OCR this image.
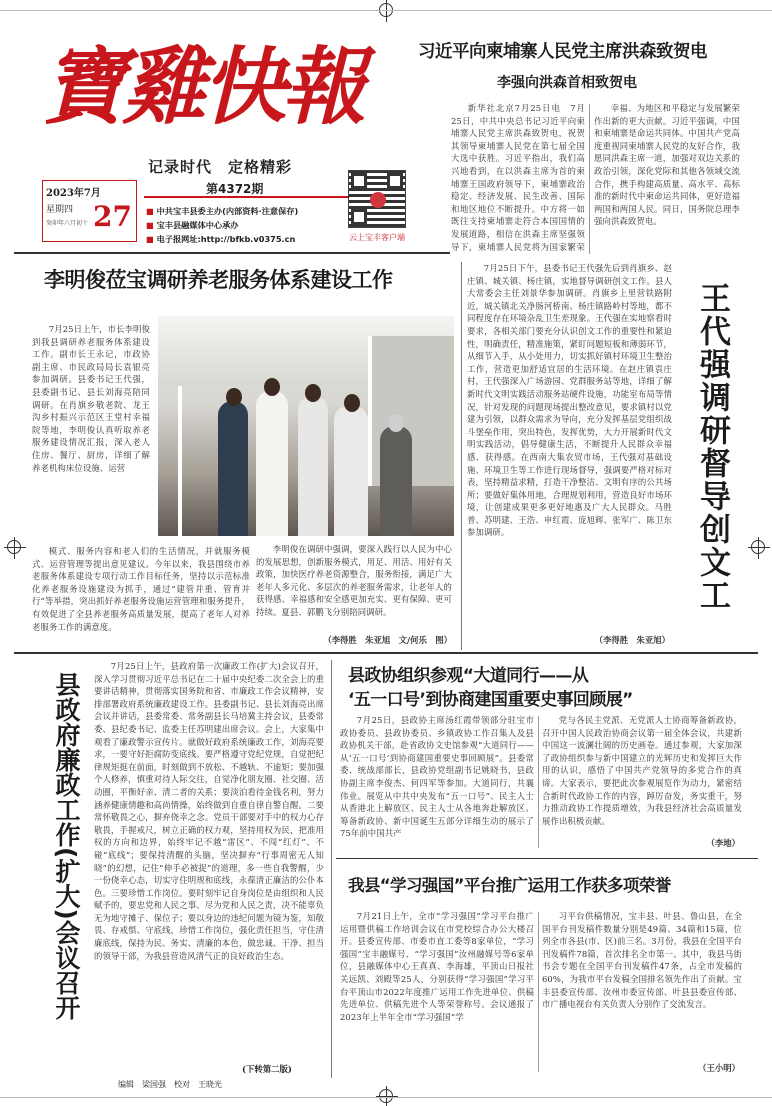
寶雞快報
记录时代　定格精彩
2023年7月
星期四
癸卯年六月初十 27
第4372期
■ 中共宝丰县委主办(内部资料·注意保存)
■ 宝丰县融媒体中心承办
■ 电子报网址:http://bfkb.v0375.cn	云上宝丰客户端
习近平向柬埔寨人民党主席洪森致贺电
李强向洪森首相致贺电

新华社北京7月25日电　7月25日，中共中央总书记习近平向柬埔寨人民党主席洪森致贺电，祝贺其领导柬埔寨人民党在第七届全国大选中获胜。习近平指出，我们高兴地看到，在以洪森主席为首的柬埔寨王国政府领导下，柬埔寨政治稳定、经济发展、民生改善、国际和地区地位不断提升。中方将一如既往支持柬埔寨走符合本国国情的发展道路，相信在洪森主席坚强领导下，柬埔寨人民党将为国家繁荣

幸福、为地区和平稳定与发展繁荣作出新的更大贡献。习近平强调，中国和柬埔寨是命运共同体。中国共产党高度重视同柬埔寨人民党的友好合作，我愿同洪森主席一道，加强对双边关系的政治引领，深化党际和其他各领域交流合作，携手构建高质量、高水平、高标准的新时代中柬命运共同体，更好造福两国和两国人民。同日，国务院总理李强向洪森致贺电。

李明俊莅宝调研养老服务体系建设工作

7月25日上午，市长李明俊到我县调研养老服务体系建设工作。副市长王永记，市政协副主席、市民政局局长袁银亮参加调研。县委书记王代强，县委副书记、县长刘海亮陪同调研。在肖旗乡敬老院、龙王沟乡村振兴示范区王堂村幸福院等地，李明俊认真听取养老服务建设情况汇报，深入老人住房、餐厅、厨房，详细了解养老机构床位设施、运营

模式、服务内容和老人们的生活情况，并就服务模式、运营管理等提出意见建议。今年以来，我县围绕市养老服务体系建设专项行动工作目标任务，坚持以示范标准化养老服务设施建设为抓手，通过“建管并重、管育并行”等举措，突出抓好养老服务设施运营管理和服务提升，有效促进了全县养老服务高质量发展，提高了老年人对养老服务工作的满意度。

李明俊在调研中强调，要深入践行以人民为中心的发展思想，创新服务模式，用足、用活、用好有关政策，加快医疗养老资源整合，服务衔接，满足广大老年人多元化、多层次的养老服务需求，让老年人的获得感、幸福感和安全感更加充实、更有保障、更可持续。夏县、郭鹏飞分别陪同调研。

（李得胜　朱亚旭　文/何乐　图）

7月25日下午，县委书记王代强先后到肖旗乡、赵庄镇、城关镇、杨庄镇，实地督导调研创文工作。县人大常委会主任刘景华参加调研。肖旗乡上里营铁路附近，城关镇北关净肠河桥南、杨庄镇路岭村等地，都不同程度存在环境杂乱卫生差现象。王代强在实地察看时要求，各相关部门要充分认识创文工作的重要性和紧迫性，明确责任，精准施策，紧盯问题短板和薄弱环节，从细节入手，从小处用力，切实抓好镇村环境卫生整治工作，营造更加舒适宜居的生活环境。在赵庄镇袁庄村，王代强深入广场游园、党群服务站等地，详细了解新时代文明实践活动服务站硬件设施，功能室布局等情况，针对发现的问题现场提出整改意见，要求镇村以党建为引领，以群众需求为导向，充分发挥基层党组织战斗堡垒作用，突出特色，发挥优势，大力开展新时代文明实践活动，倡导健康生活，不断提升人民群众幸福感、获得感。在西南大集农贸市场，王代强对基础设施、环境卫生等工作进行现场督导，强调要严格对标对表，坚持精益求精，打造干净整洁、文明有序的公共场所；要做好集体用地，合理规划利用，营造良好市场环境，让创建成果更多更好地惠及广大人民群众。马胜普、苏明建、王浩、申红霞、庞旭辉、张军广、陈卫东参加调研。

王代强调研督导创文工
（李得胜　朱亚旭）
县政府廉政工作(扩大)会议召开

7月25日上午，县政府第一次廉政工作(扩大)会议召开，深入学习贯彻习近平总书记在二十届中央纪委二次全会上的重要讲话精神，贯彻落实国务院和省、市廉政工作会议精神，安排部署政府系统廉政建设工作。县委副书记、县长刘海亮出席会议并讲话，县委常委、常务副县长马培冀主持会议，县委常委、县纪委书记、监委主任苏明建出席会议。会上，大家集中观看了廉政警示宣传片。就做好政府系统廉政工作，刘海亮要求，一要守好拒腐防变底线。要严格遵守党纪党规，自觉把纪律规矩挺在前面，时刻做到不放松、不越轨、不逾矩；要加强个人修养，慎重对待人际交往，自觉净化朋友圈、社交圈、活动圈，平衡好亲、清二者的关系；要淡泊看待金钱名利，努力涵养健康情趣和高尚情操，始终做到自重自律自警自醒。二要常怀敬畏之心，摒弃侥幸之念。党员干部要对手中的权力心存敬畏，手握戒尺，树立正确的权力观，坚持用权为民，把准用权的方向和边界，始终牢记不越“雷区”、不闯“红灯”、不碰“底线”；要保持清醒的头脑，坚决摒弃“行事周密无人知晓”的幻想，记住“伸手必被捉”的道理，多一些自我警醒，少一份侥幸心态，切实守住明规和底线，永葆清正廉洁的公仆本色。三要珍惜工作岗位。要时刻牢记自身岗位是由组织和人民赋予的，要忠党和人民之事、尽为党和人民之责，决不能辜负无为地守摊子、保位子；要以身边的违纪问题为镜为鉴，知敬畏、存戒惧、守底线，珍惜工作岗位，强化责任担当，守住清廉底线，保持为民、务实、清廉的本色，做忠诚、干净、担当的领导干部，为我县营造风清气正的良好政治生态。

(下转第二版)
编辑　梁国强　校对　王晓光
县政协组织参观“大道同行——从
‘五一口号’到协商建国重要史事回顾展”

7月25日，县政协主席汤红霞带领部分驻宝市政协委员、县政协委员、乡镇政协工作召集人及县政协机关干部，赴省政协文史馆参观“大道同行——从‘五一口号’到协商建国重要史事回顾展”。县委常委、统战部部长，县政协党组副书记姚晓书，县政协副主席李俊杰、何四军等参加。大道同行，共襄伟业。展览从中共中央发布“五一口号”、民主人士从香港北上解放区、民主人士从各地奔赴解放区、筹备新政协、新中国诞生五部分详细生动的展示了75年前中国共产

党与各民主党派、无党派人士协商筹备新政协，召开中国人民政治协商会议第一届全体会议，共建新中国这一波澜壮阔的历史画卷。通过参观，大家加深了政协组织参与新中国建立的光辉历史和发挥巨大作用的认识，感悟了中国共产党领导的多党合作的真谛。大家表示，要把此次参观展览作为动力，紧密结合新时代政协工作的内容，踔厉奋发，务实重干，努力推动政协工作提质增效，为我县经济社会高质量发展作出积极贡献。

（李地）
我县“学习强国”平台推广运用工作获多项荣誉

7月21日上午，全市“学习强国”学习平台推广运用暨供稿工作培训会议在市党校综合办公大楼召开。县委宣传部、市委市直工委等8家单位，“学习强国”宝丰融媒号、“学习强国”汝州融媒号等6家单位，县融媒体中心王真真、李海雄，平顶山日报社关远凯、刘殿等25人，分别获得“学习强国”学习平台平顶山市2022年度推广运用工作先进单位、供稿先进单位、供稿先进个人等荣誉称号。会议通报了2023年上半年全市“学习强国”学

习平台供稿情况，宝丰县、叶县、鲁山县，在全国平台刊发稿件数量分别是49篇、34篇和15篇，位列全市各县(市、区)前三名。3月份，我县在全国平台刊发稿件78篇，首次排名全市第一。其中，我县马街书会专题在全国平台刊发稿件47条，占全市发稿的60%，为我市平台发稿全国排名领先作出了贡献。宝丰县委宣传部、汝州市委宣传部、叶县县委宣传部、市广播电视台有关负责人分别作了交流发言。

（王小明）
